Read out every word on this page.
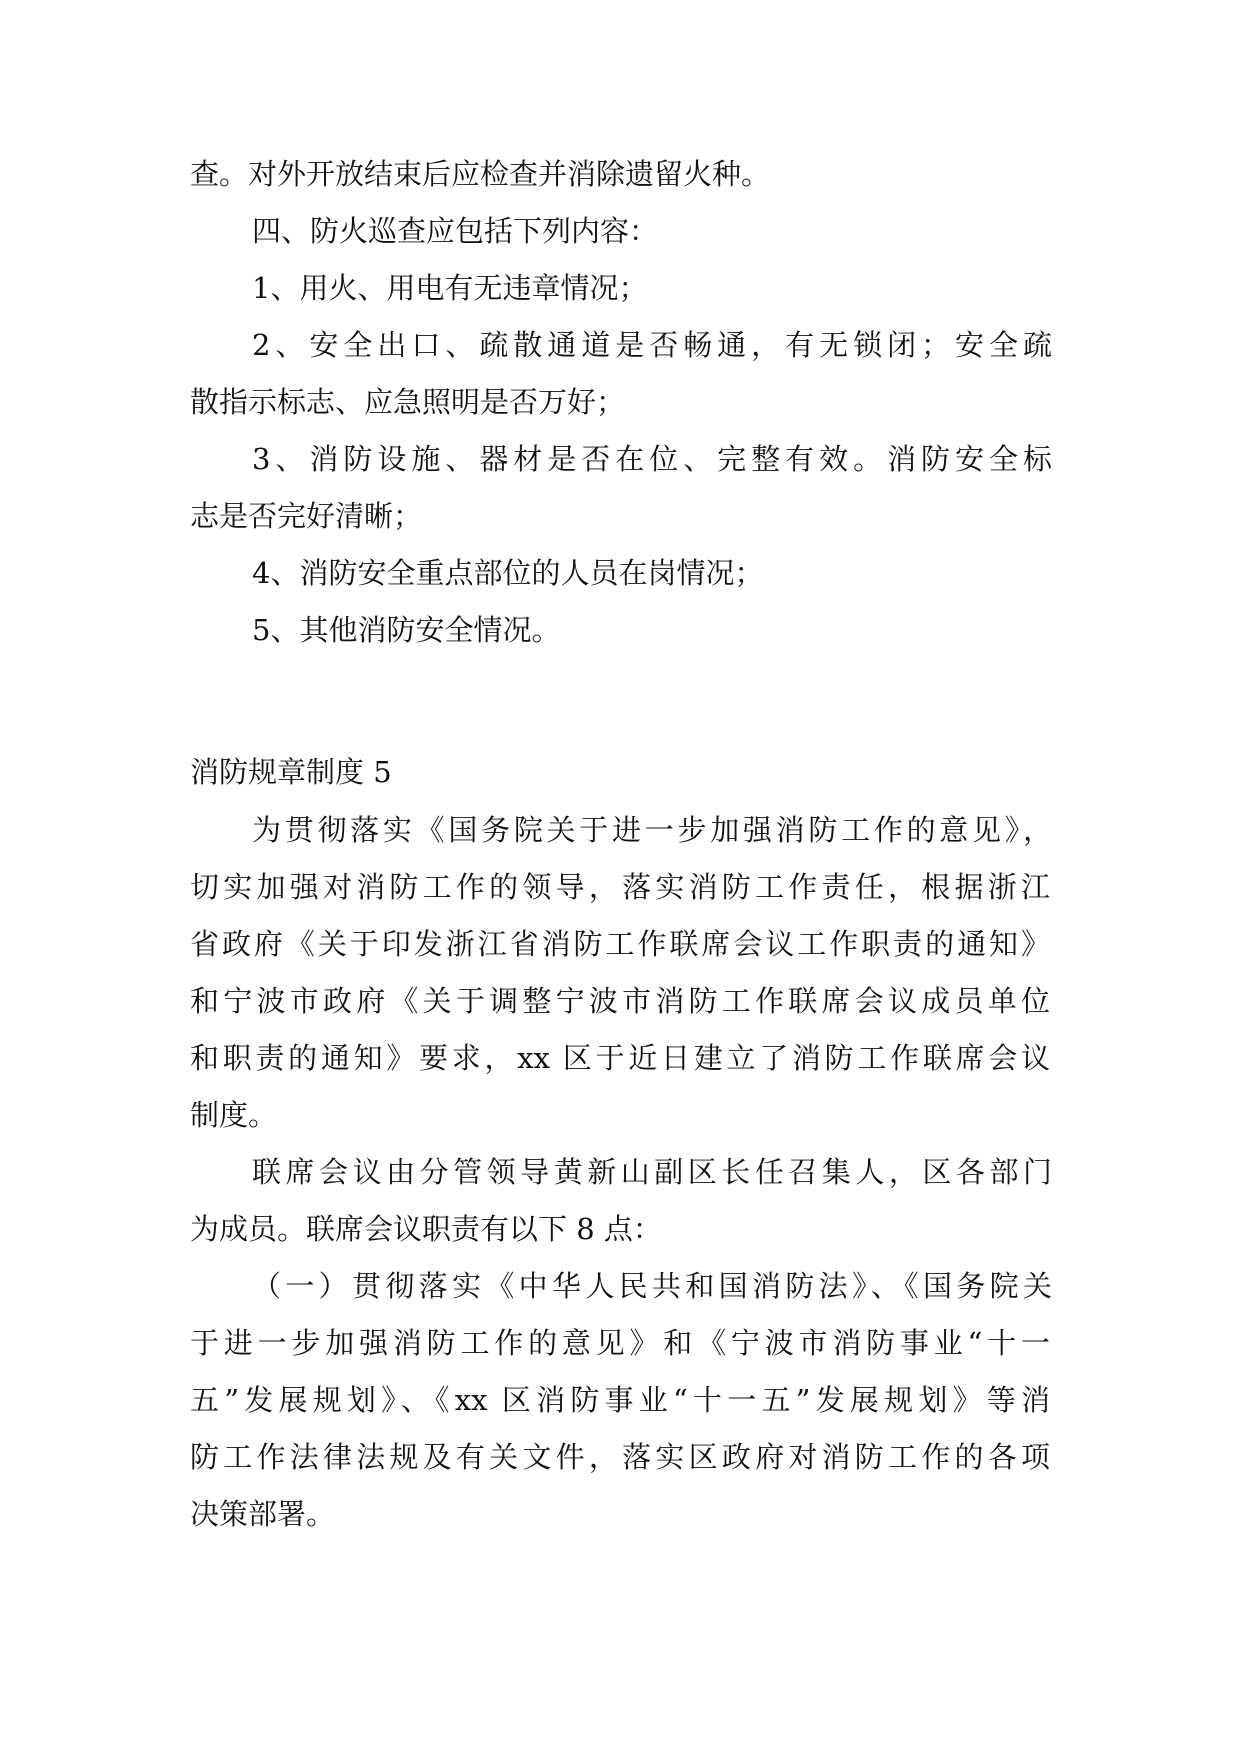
查。对外开放结束后应检查并消除遗留火种。
四、防火巡查应包括下列内容：
1、用火、用电有无违章情况；
2、安全出口、疏散通道是否畅通，有无锁闭；安全疏
散指示标志、应急照明是否万好；
3、消防设施、器材是否在位、完整有效。消防安全标
志是否完好清晰；
4、消防安全重点部位的人员在岗情况；
5、其他消防安全情况。
消防规章制度 5
为贯彻落实《国务院关于进一步加强消防工作的意见》，
切实加强对消防工作的领导，落实消防工作责任，根据浙江
省政府《关于印发浙江省消防工作联席会议工作职责的通知》
和宁波市政府《关于调整宁波市消防工作联席会议成员单位
和职责的通知》要求，xx 区于近日建立了消防工作联席会议
制度。
联席会议由分管领导黄新山副区长任召集人，区各部门
为成员。联席会议职责有以下 8 点：
（一）贯彻落实《中华人民共和国消防法》、《国务院关
于进一步加强消防工作的意见》和《宁波市消防事业“十一
五”发展规划》、《xx 区消防事业“十一五”发展规划》等消
防工作法律法规及有关文件，落实区政府对消防工作的各项
决策部署。
